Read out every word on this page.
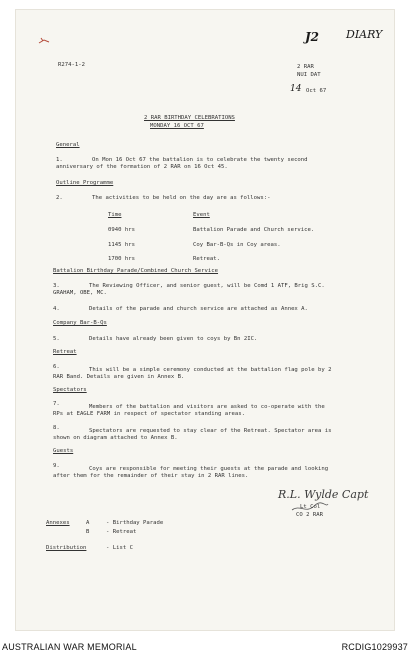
J2 DIARY
R274-1-2	2 RAR
NUI DAT
14 Oct 67
2 RAR BIRTHDAY CELEBRATIONS
MONDAY 16 OCT 67
General
1.	On Mon 16 Oct 67 the battalion is to celebrate the twenty second anniversary of the formation of 2 RAR on 16 Oct 45.
Outline Programme
2.	The activities to be held on the day are as follows:-
Time	Event
0940 hrs	Battalion Parade and Church service.
1145 hrs	Coy Bar-B-Qs in Coy areas.
1700 hrs	Retreat.
Battalion Birthday Parade/Combined Church Service
3.	The Reviewing Officer, and senior guest, will be Comd 1 ATF, Brig S.C. GRAHAM, OBE, MC.
4.	Details of the parade and church service are attached as Annex A.
Company Bar-B-Qs
5.	Details have already been given to coys by Bn 2IC.
Retreat
6.	This will be a simple ceremony conducted at the battalion flag pole by 2 RAR Band. Details are given in Annex B.
Spectators
7.	Members of the battalion and visitors are asked to co-operate with the RPs at EAGLE FARM in respect of spectator standing areas.
8.	Spectators are requested to stay clear of the Retreat. Spectator area is shown on diagram attached to Annex B.
Guests
9.	Coys are responsible for meeting their guests at the parade and looking after them for the remainder of their stay in 2 RAR lines.
R.L. Wylde Capt
Lt Col
CO 2 RAR
Annexes	A	- Birthday Parade
B	- Retreat
Distribution	- List C
AUSTRALIAN WAR MEMORIAL	RCDIG1029937
